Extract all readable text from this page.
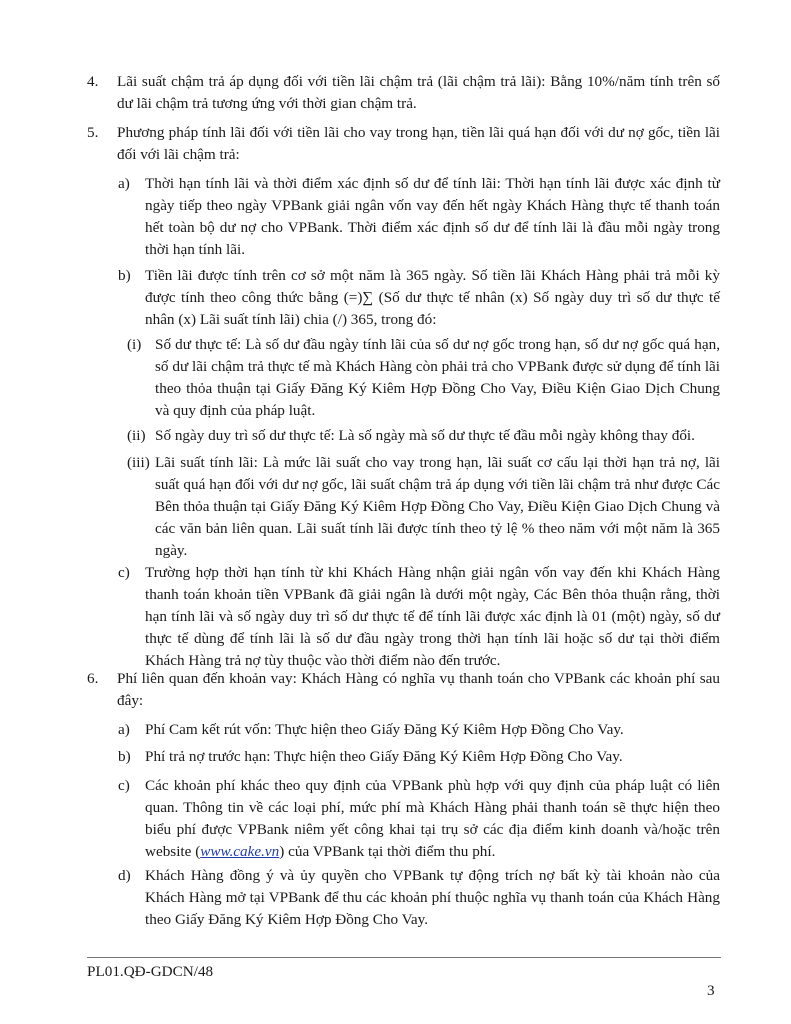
4. Lãi suất chậm trả áp dụng đối với tiền lãi chậm trả (lãi chậm trả lãi): Bằng 10%/năm tính trên số dư lãi chậm trả tương ứng với thời gian chậm trả.

5. Phương pháp tính lãi đối với tiền lãi cho vay trong hạn, tiền lãi quá hạn đối với dư nợ gốc, tiền lãi đối với lãi chậm trả:

a) Thời hạn tính lãi và thời điểm xác định số dư để tính lãi: Thời hạn tính lãi được xác định từ ngày tiếp theo ngày VPBank giải ngân vốn vay đến hết ngày Khách Hàng thực tế thanh toán hết toàn bộ dư nợ cho VPBank. Thời điểm xác định số dư để tính lãi là đầu mỗi ngày trong thời hạn tính lãi.

b) Tiền lãi được tính trên cơ sở một năm là 365 ngày. Số tiền lãi Khách Hàng phải trả mỗi kỳ được tính theo công thức bằng (=)∑ (Số dư thực tế nhân (x) Số ngày duy trì số dư thực tế nhân (x) Lãi suất tính lãi) chia (/) 365, trong đó:

(i) Số dư thực tế: Là số dư đầu ngày tính lãi của số dư nợ gốc trong hạn, số dư nợ gốc quá hạn, số dư lãi chậm trả thực tế mà Khách Hàng còn phải trả cho VPBank được sử dụng để tính lãi theo thỏa thuận tại Giấy Đăng Ký Kiêm Hợp Đồng Cho Vay, Điều Kiện Giao Dịch Chung và quy định của pháp luật.

(ii) Số ngày duy trì số dư thực tế: Là số ngày mà số dư thực tế đầu mỗi ngày không thay đổi.

(iii) Lãi suất tính lãi: Là mức lãi suất cho vay trong hạn, lãi suất cơ cấu lại thời hạn trả nợ, lãi suất quá hạn đối với dư nợ gốc, lãi suất chậm trả áp dụng với tiền lãi chậm trả như được Các Bên thỏa thuận tại Giấy Đăng Ký Kiêm Hợp Đồng Cho Vay, Điều Kiện Giao Dịch Chung và các văn bản liên quan. Lãi suất tính lãi được tính theo tỷ lệ % theo năm với một năm là 365 ngày.

c) Trường hợp thời hạn tính từ khi Khách Hàng nhận giải ngân vốn vay đến khi Khách Hàng thanh toán khoản tiền VPBank đã giải ngân là dưới một ngày, Các Bên thỏa thuận rằng, thời hạn tính lãi và số ngày duy trì số dư thực tế để tính lãi được xác định là 01 (một) ngày, số dư thực tế dùng để tính lãi là số dư đầu ngày trong thời hạn tính lãi hoặc số dư tại thời điểm Khách Hàng trả nợ tùy thuộc vào thời điểm nào đến trước.

6. Phí liên quan đến khoản vay: Khách Hàng có nghĩa vụ thanh toán cho VPBank các khoản phí sau đây:

a) Phí Cam kết rút vốn: Thực hiện theo Giấy Đăng Ký Kiêm Hợp Đồng Cho Vay.

b) Phí trả nợ trước hạn: Thực hiện theo Giấy Đăng Ký Kiêm Hợp Đồng Cho Vay.

c) Các khoản phí khác theo quy định của VPBank phù hợp với quy định của pháp luật có liên quan. Thông tin về các loại phí, mức phí mà Khách Hàng phải thanh toán sẽ thực hiện theo biểu phí được VPBank niêm yết công khai tại trụ sở các địa điểm kinh doanh và/hoặc trên website (www.cake.vn) của VPBank tại thời điểm thu phí.

d) Khách Hàng đồng ý và ủy quyền cho VPBank tự động trích nợ bất kỳ tài khoản nào của Khách Hàng mở tại VPBank để thu các khoản phí thuộc nghĩa vụ thanh toán của Khách Hàng theo Giấy Đăng Ký Kiêm Hợp Đồng Cho Vay.

PL01.QĐ-GDCN/48
3
